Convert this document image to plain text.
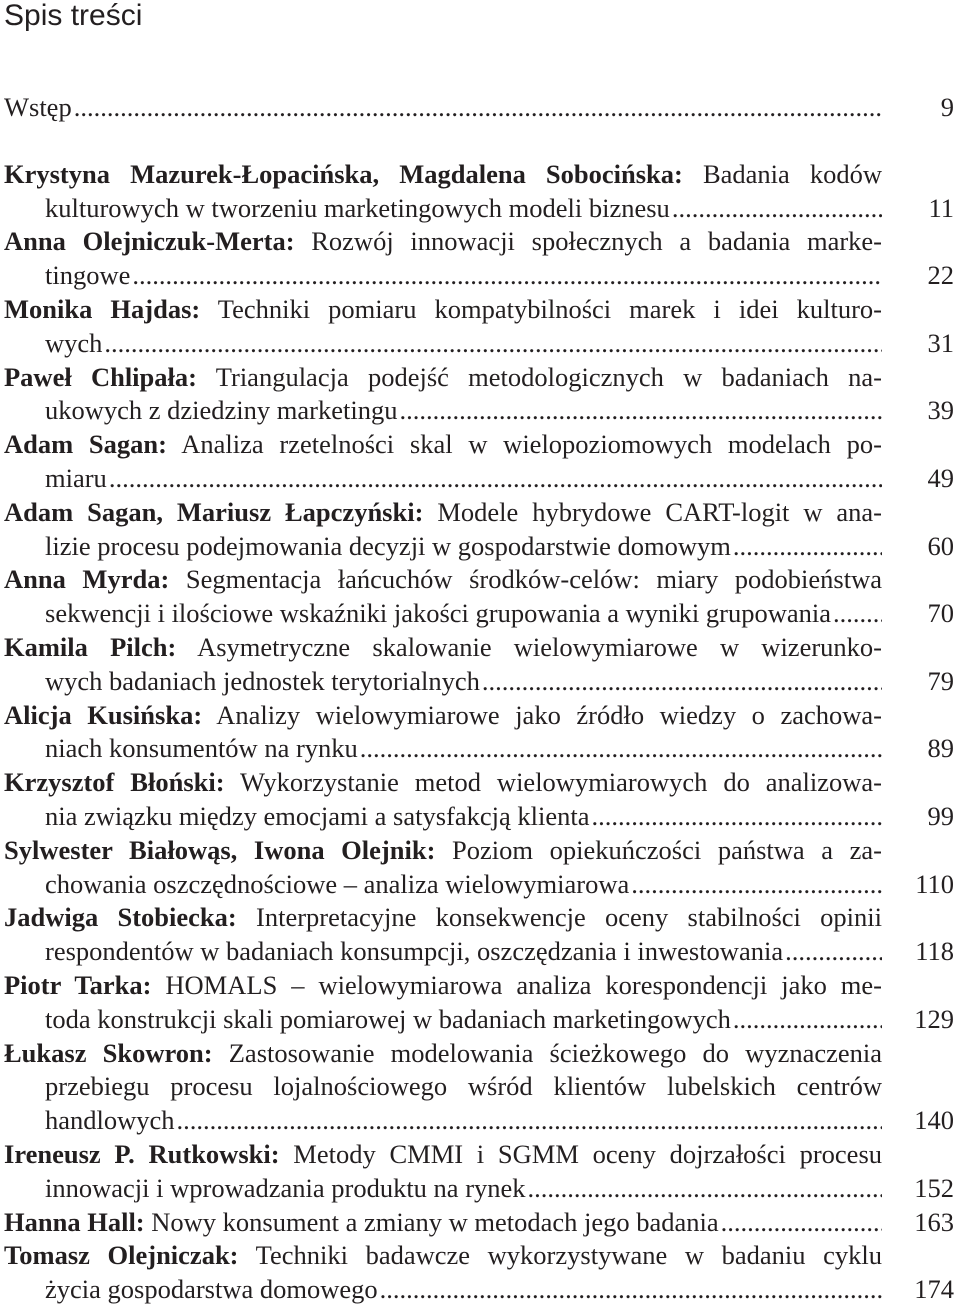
Spis treści
Wstęp .....	9
Krystyna Mazurek-Łopacińska, Magdalena Sobocińska: Badania kodów
kulturowych w tworzeniu marketingowych modeli biznesu .....	11
Anna Olejniczuk-Merta: Rozwój innowacji społecznych a badania marke-
tingowe .....	22
Monika Hajdas: Techniki pomiaru kompatybilności marek i idei kulturo-
wych .....	31
Paweł Chlipała: Triangulacja podejść metodologicznych w badaniach na-
ukowych z dziedziny marketingu .....	39
Adam Sagan: Analiza rzetelności skal w wielopoziomowych modelach po-
miaru .....	49
Adam Sagan, Mariusz Łapczyński: Modele hybrydowe CART-logit w ana-
lizie procesu podejmowania decyzji w gospodarstwie domowym .....	60
Anna Myrda: Segmentacja łańcuchów środków-celów: miary podobieństwa
sekwencji i ilościowe wskaźniki jakości grupowania a wyniki grupowania .....	70
Kamila Pilch: Asymetryczne skalowanie wielowymiarowe w wizerunko-
wych badaniach jednostek terytorialnych .....	79
Alicja Kusińska: Analizy wielowymiarowe jako źródło wiedzy o zachowa-
niach konsumentów na rynku .....	89
Krzysztof Błoński: Wykorzystanie metod wielowymiarowych do analizowa-
nia związku między emocjami a satysfakcją klienta .....	99
Sylwester Białowąs, Iwona Olejnik: Poziom opiekuńczości państwa a za-
chowania oszczędnościowe – analiza wielowymiarowa .....	110
Jadwiga Stobiecka: Interpretacyjne konsekwencje oceny stabilności opinii
respondentów w badaniach konsumpcji, oszczędzania i inwestowania .....	118
Piotr Tarka: HOMALS – wielowymiarowa analiza korespondencji jako me-
toda konstrukcji skali pomiarowej w badaniach marketingowych .....	129
Łukasz Skowron: Zastosowanie modelowania ścieżkowego do wyznaczenia
przebiegu procesu lojalnościowego wśród klientów lubelskich centrów
handlowych .....	140
Ireneusz P. Rutkowski: Metody CMMI i SGMM oceny dojrzałości procesu
innowacji i wprowadzania produktu na rynek .....	152
Hanna Hall: Nowy konsument a zmiany w metodach jego badania .....	163
Tomasz Olejniczak: Techniki badawcze wykorzystywane w badaniu cyklu
życia gospodarstwa domowego .....	174
